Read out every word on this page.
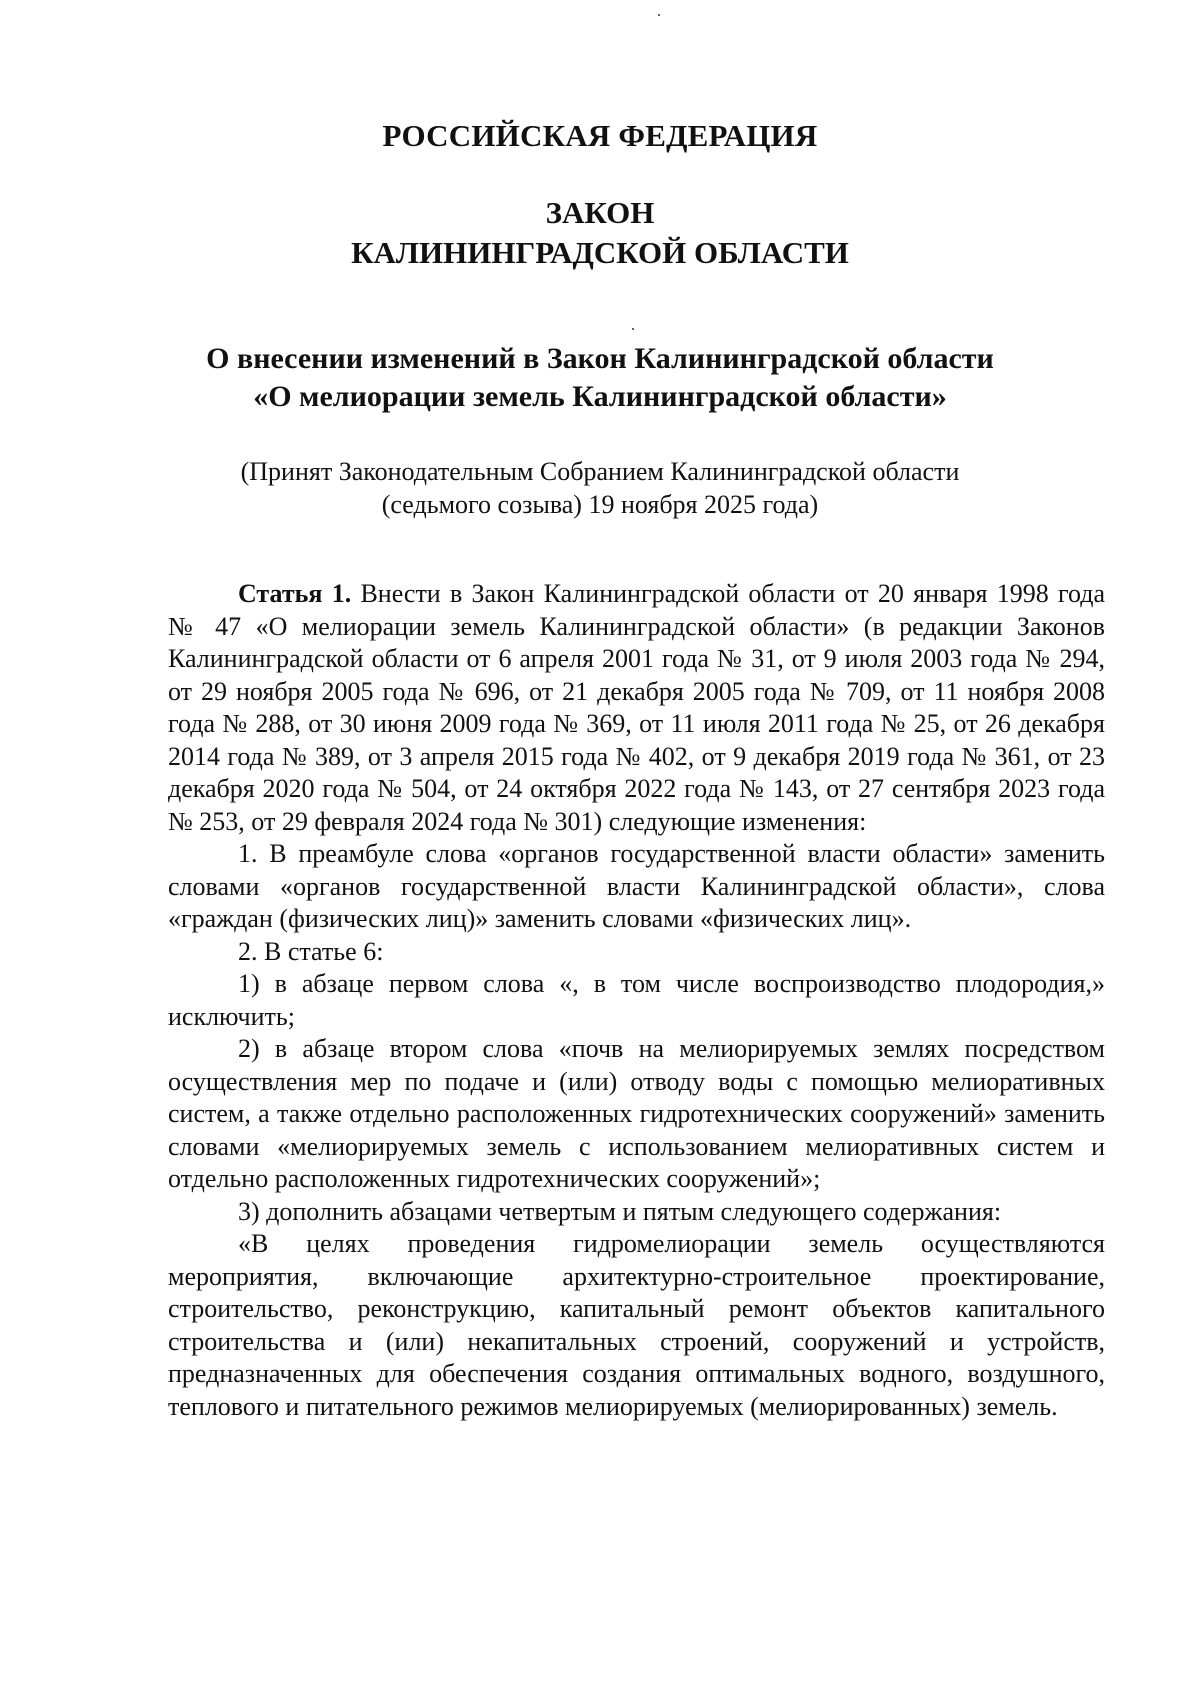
РОССИЙСКАЯ ФЕДЕРАЦИЯ
ЗАКОН
КАЛИНИНГРАДСКОЙ ОБЛАСТИ
О внесении изменений в Закон Калининградской области
«О мелиорации земель Калининградской области»
(Принят Законодательным Собранием Калининградской области
(седьмого созыва) 19 ноября 2025 года)

Статья 1. Внести в Закон Калининградской области от 20 января 1998 года № 47 «О мелиорации земель Калининградской области» (в редакции Законов Калининградской области от 6 апреля 2001 года № 31, от 9 июля 2003 года № 294, от 29 ноября 2005 года № 696, от 21 декабря 2005 года № 709, от 11 ноября 2008 года № 288, от 30 июня 2009 года № 369, от 11 июля 2011 года № 25, от 26 декабря 2014 года № 389, от 3 апреля 2015 года № 402, от 9 декабря 2019 года № 361, от 23 декабря 2020 года № 504, от 24 октября 2022 года № 143, от 27 сентября 2023 года № 253, от 29 февраля 2024 года № 301) следующие изменения:

1. В преамбуле слова «органов государственной власти области» заменить словами «органов государственной власти Калининградской области», слова «граждан (физических лиц)» заменить словами «физических лиц».

2. В статье 6:

1) в абзаце первом слова «, в том числе воспроизводство плодородия,» исключить;

2) в абзаце втором слова «почв на мелиорируемых землях посредством осуществления мер по подаче и (или) отводу воды с помощью мелиоративных систем, а также отдельно расположенных гидротехнических сооружений» заменить словами «мелиорируемых земель с использованием мелиоративных систем и отдельно расположенных гидротехнических сооружений»;

3) дополнить абзацами четвертым и пятым следующего содержания:

«В целях проведения гидромелиорации земель осуществляются мероприятия, включающие архитектурно-строительное проектирование, строительство, реконструкцию, капитальный ремонт объектов капитального строительства и (или) некапитальных строений, сооружений и устройств, предназначенных для обеспечения создания оптимальных водного, воздушного, теплового и питательного режимов мелиорируемых (мелиорированных) земель.
